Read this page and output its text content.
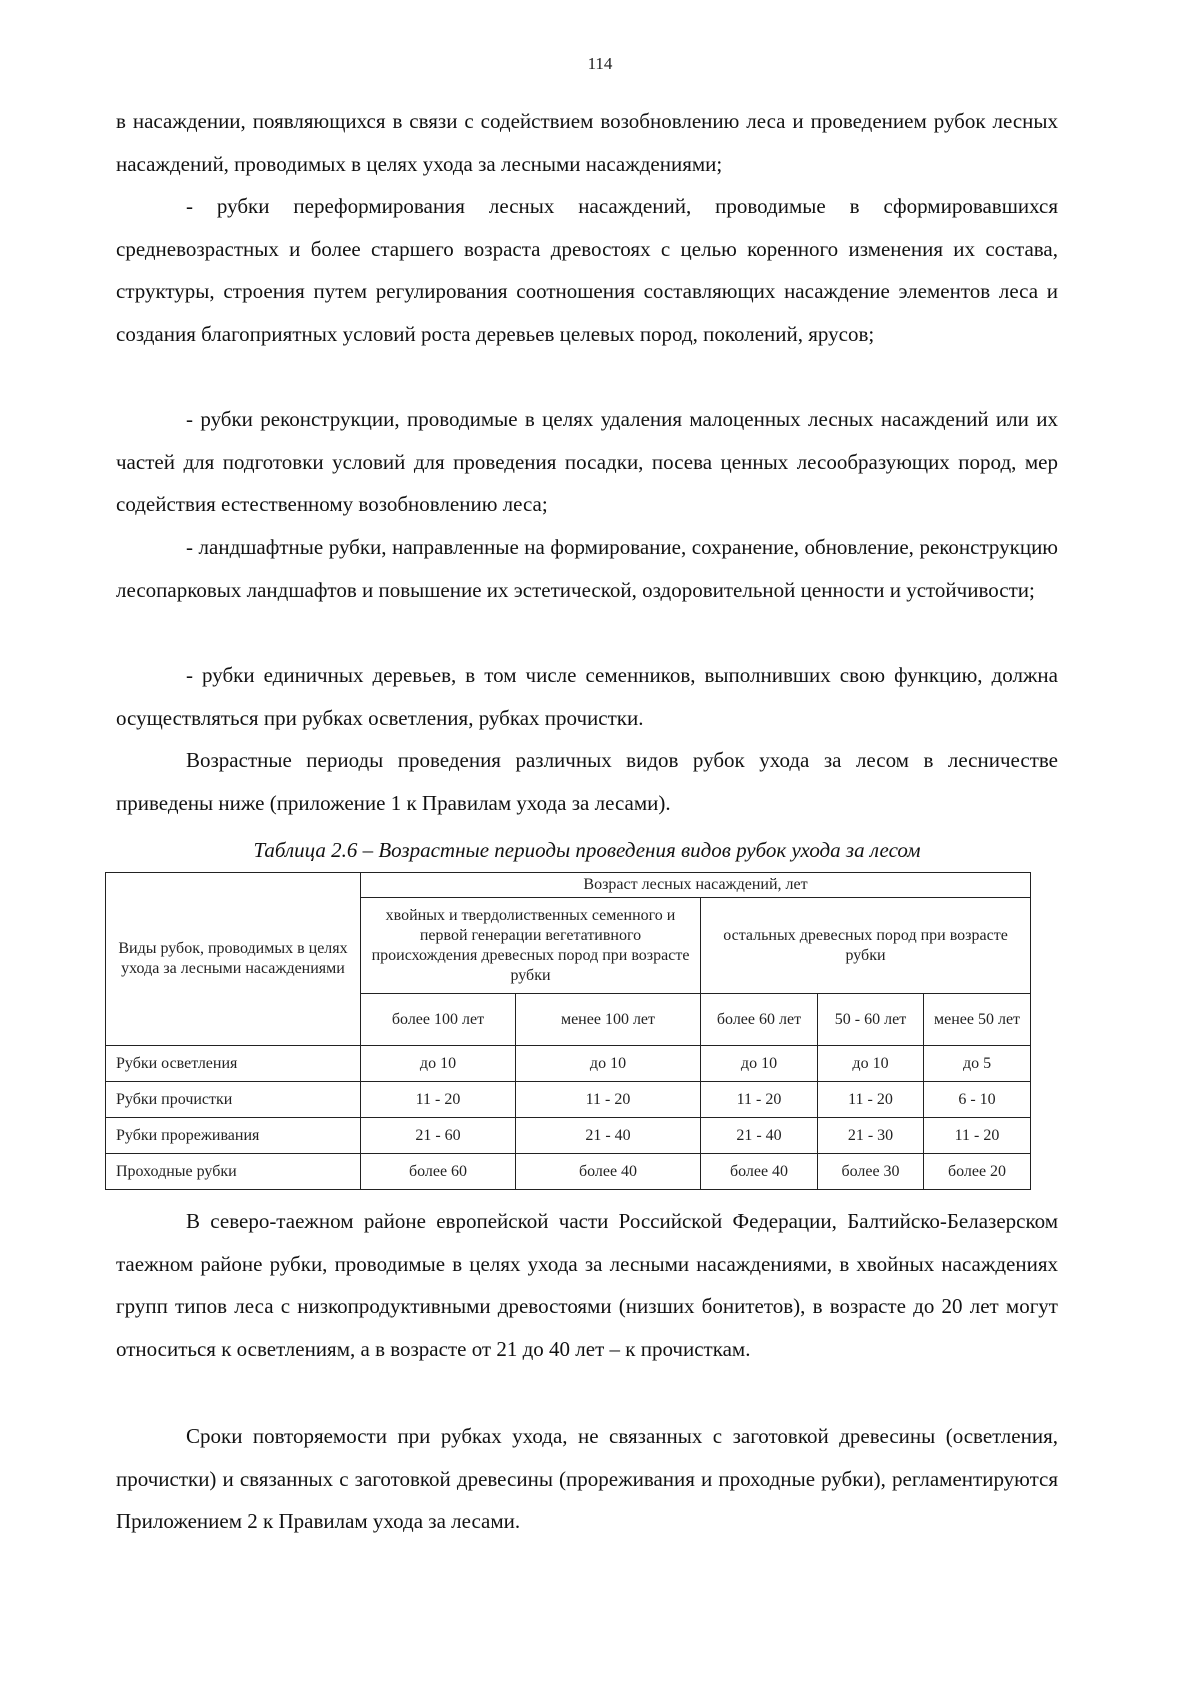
114

в насаждении, появляющихся в связи с содействием возобновлению леса и проведением рубок лесных насаждений, проводимых в целях ухода за лесными насаждениями;

- рубки переформирования лесных насаждений, проводимые в сформировавшихся средневозрастных и более старшего возраста древостоях с целью коренного изменения их состава, структуры, строения путем регулирования соотношения составляющих насаждение элементов леса и создания благоприятных условий роста деревьев целевых пород, поколений, ярусов;

- рубки реконструкции, проводимые в целях удаления малоценных лесных насаждений или их частей для подготовки условий для проведения посадки, посева ценных лесообразующих пород, мер содействия естественному возобновлению леса;

- ландшафтные рубки, направленные на формирование, сохранение, обновление, реконструкцию лесопарковых ландшафтов и повышение их эстетической, оздоровительной ценности и устойчивости;

- рубки единичных деревьев, в том числе семенников, выполнивших свою функцию, должна осуществляться при рубках осветления, рубках прочистки.

Возрастные периоды проведения различных видов рубок ухода за лесом в лесничестве приведены ниже (приложение 1 к Правилам ухода за лесами).

Таблица 2.6 – Возрастные периоды проведения видов рубок ухода за лесом

Виды рубок, проводимых в целях ухода за лесными насаждениями	Возраст лесных насаждений, лет				
	хвойных и твердолиственных семенного и первой генерации вегетативного происхождения древесных пород при возрасте рубки		остальных древесных пород при возрасте рубки		
	более 100 лет	менее 100 лет	более 60 лет	50 - 60 лет	менее 50 лет
Рубки осветления	до 10	до 10	до 10	до 10	до 5
Рубки прочистки	11 - 20	11 - 20	11 - 20	11 - 20	6 - 10
Рубки прореживания	21 - 60	21 - 40	21 - 40	21 - 30	11 - 20
Проходные рубки	более 60	более 40	более 40	более 30	более 20

В северо-таежном районе европейской части Российской Федерации, Балтийско-Белазерском таежном районе рубки, проводимые в целях ухода за лесными насаждениями, в хвойных насаждениях групп типов леса с низкопродуктивными древостоями (низших бонитетов), в возрасте до 20 лет могут относиться к осветлениям, а в возрасте от 21 до 40 лет – к прочисткам.

Сроки повторяемости при рубках ухода, не связанных с заготовкой древесины (осветления, прочистки) и связанных с заготовкой древесины (прореживания и проходные рубки), регламентируются Приложением 2 к Правилам ухода за лесами.
